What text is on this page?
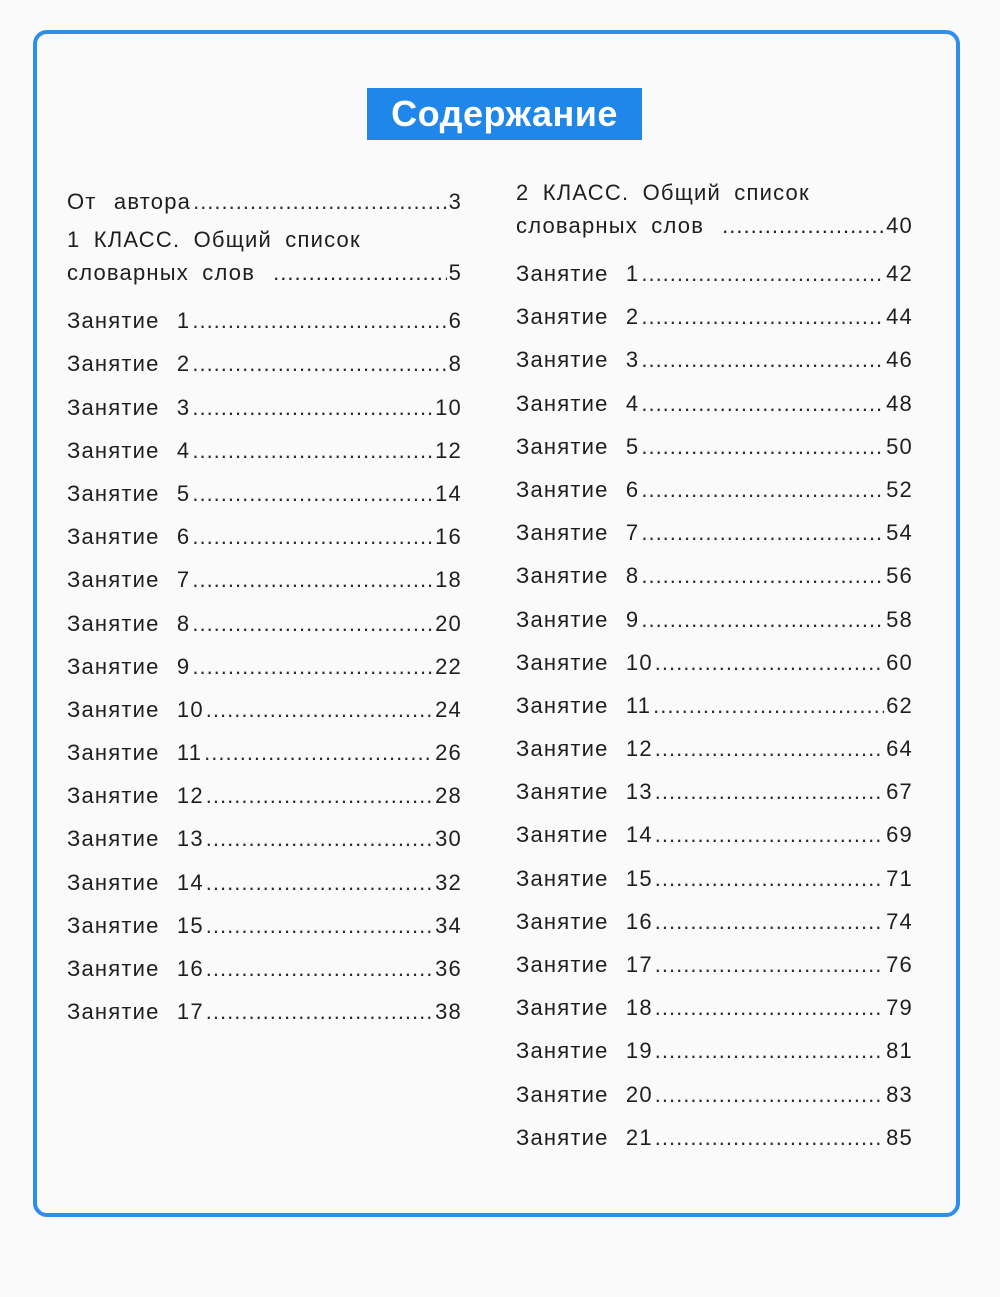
Содержание
От автора .....	3
1 КЛАСС. Общий список
словарных слов .....	5
Занятие 1 .....	6
Занятие 2 .....	8
Занятие 3 .....	10
Занятие 4 .....	12
Занятие 5 .....	14
Занятие 6 .....	16
Занятие 7 .....	18
Занятие 8 .....	20
Занятие 9 .....	22
Занятие 10 .....	24
Занятие 11 .....	26
Занятие 12 .....	28
Занятие 13 .....	30
Занятие 14 .....	32
Занятие 15 .....	34
Занятие 16 .....	36
Занятие 17 .....	38
2 КЛАСС. Общий список
словарных слов .....	40
Занятие 1 .....	42
Занятие 2 .....	44
Занятие 3 .....	46
Занятие 4 .....	48
Занятие 5 .....	50
Занятие 6 .....	52
Занятие 7 .....	54
Занятие 8 .....	56
Занятие 9 .....	58
Занятие 10 .....	60
Занятие 11 .....	62
Занятие 12 .....	64
Занятие 13 .....	67
Занятие 14 .....	69
Занятие 15 .....	71
Занятие 16 .....	74
Занятие 17 .....	76
Занятие 18 .....	79
Занятие 19 .....	81
Занятие 20 .....	83
Занятие 21 .....	85
